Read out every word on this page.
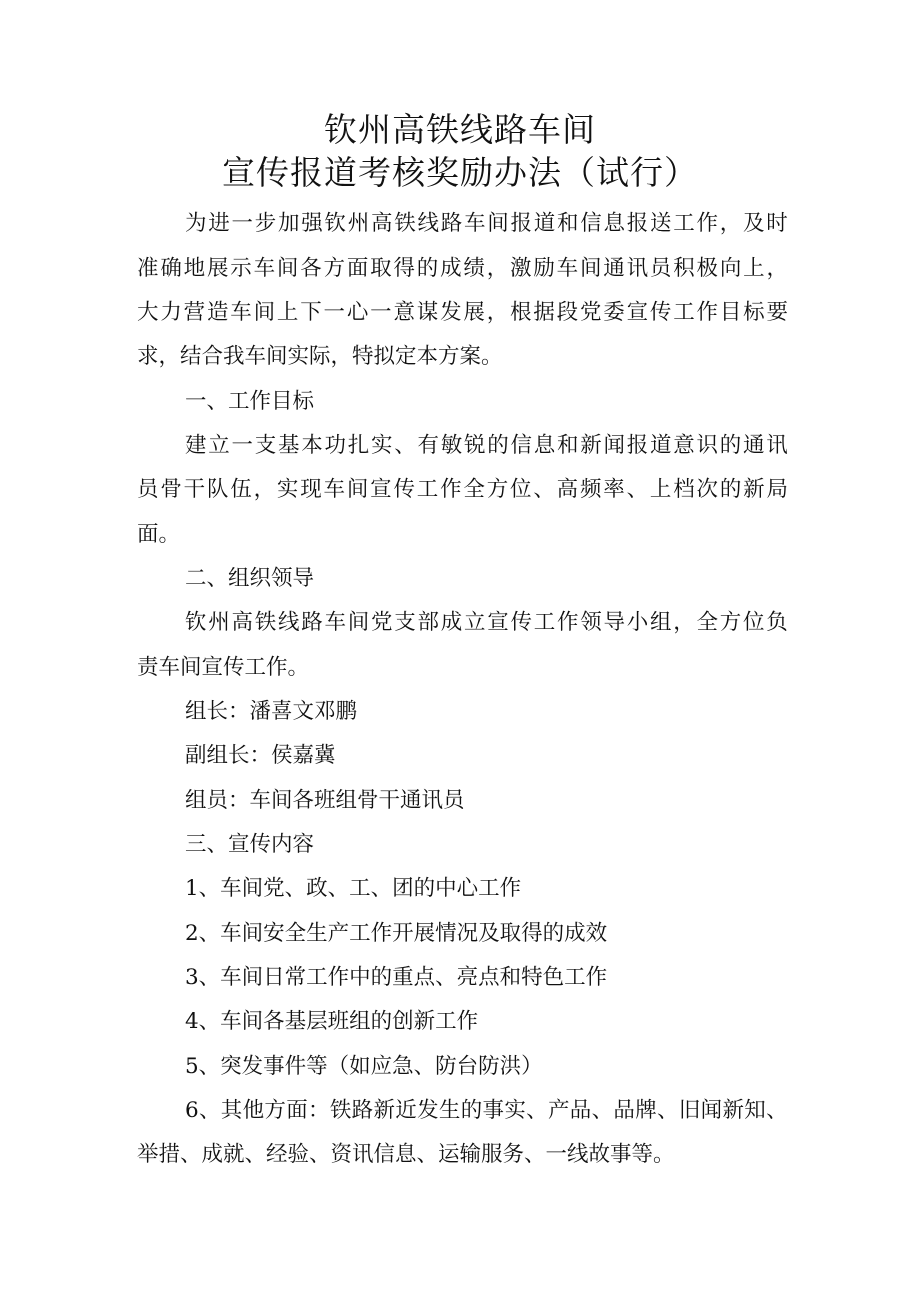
钦州高铁线路车间
宣传报道考核奖励办法（试行）
为 进 一 步 加 强 钦 州 高 铁 线 路 车 间 报 道 和 信 息 报 送 工 作 ， 及 时
准 确 地 展 示 车 间 各 方 面 取 得 的 成 绩 ， 激 励 车 间 通 讯 员 积 极 向 上 ，
大 力 营 造 车 间 上 下 一 心 一 意 谋 发 展 ， 根 据 段 党 委 宣 传 工 作 目 标 要
求，结合我车间实际，特拟定本方案。
一、工作目标
建 立 一 支 基 本 功 扎 实 、 有 敏 锐 的 信 息 和 新 闻 报 道 意 识 的 通 讯
员 骨 干 队 伍 ， 实 现 车 间 宣 传 工 作 全 方 位 、 高 频 率 、 上 档 次 的 新 局
面。
二、组织领导
钦 州 高 铁 线 路 车 间 党 支 部 成 立 宣 传 工 作 领 导 小 组 ， 全 方 位 负
责车间宣传工作。
组长：潘喜文邓鹏
副组长：侯嘉冀
组员：车间各班组骨干通讯员
三、宣传内容
1、车间党、政、工、团的中心工作
2、车间安全生产工作开展情况及取得的成效
3、车间日常工作中的重点、亮点和特色工作
4、车间各基层班组的创新工作
5、突发事件等（如应急、防台防洪）
6 、 其 他 方 面 ： 铁 路 新 近 发 生 的 事 实 、 产 品 、 品 牌 、 旧 闻 新 知 、
举措、成就、经验、资讯信息、运输服务、一线故事等。
